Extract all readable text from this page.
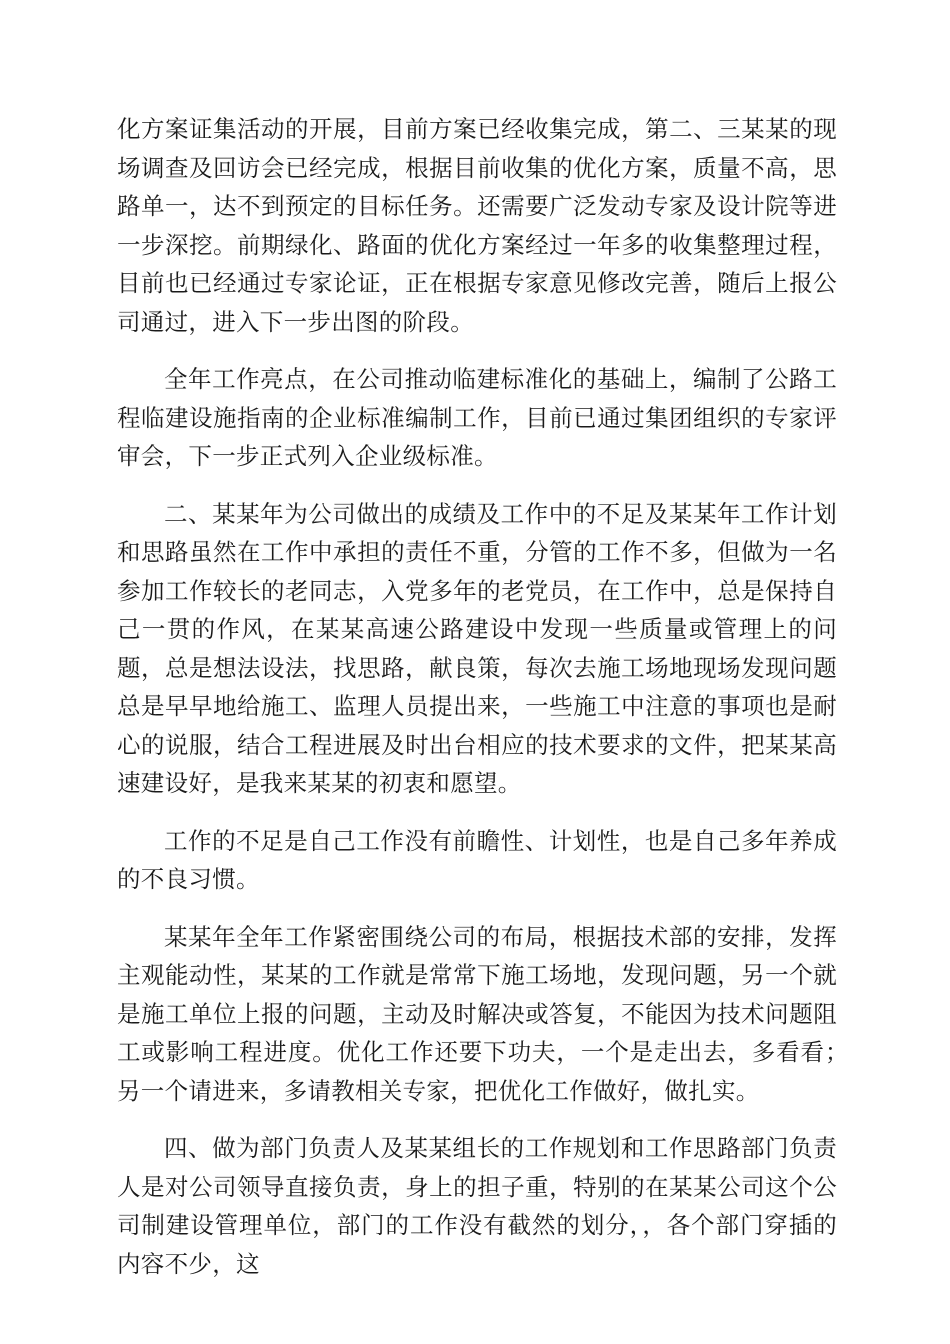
化方案证集活动的开展，目前方案已经收集完成，第二、三某某的现场调查及回访会已经完成，根据目前收集的优化方案，质量不高，思路单一，达不到预定的目标任务。还需要广泛发动专家及设计院等进一步深挖。前期绿化、路面的优化方案经过一年多的收集整理过程，目前也已经通过专家论证，正在根据专家意见修改完善，随后上报公司通过，进入下一步出图的阶段。

全年工作亮点，在公司推动临建标准化的基础上，编制了公路工程临建设施指南的企业标准编制工作，目前已通过集团组织的专家评审会，下一步正式列入企业级标准。

二、某某年为公司做出的成绩及工作中的不足及某某年工作计划和思路虽然在工作中承担的责任不重，分管的工作不多，但做为一名参加工作较长的老同志，入党多年的老党员，在工作中，总是保持自己一贯的作风，在某某高速公路建设中发现一些质量或管理上的问题，总是想法设法，找思路，献良策，每次去施工场地现场发现问题总是早早地给施工、监理人员提出来，一些施工中注意的事项也是耐心的说服，结合工程进展及时出台相应的技术要求的文件，把某某高速建设好，是我来某某的初衷和愿望。

工作的不足是自己工作没有前瞻性、计划性，也是自己多年养成的不良习惯。

某某年全年工作紧密围绕公司的布局，根据技术部的安排，发挥主观能动性，某某的工作就是常常下施工场地，发现问题，另一个就是施工单位上报的问题，主动及时解决或答复，不能因为技术问题阻工或影响工程进度。优化工作还要下功夫，一个是走出去，多看看；　另一个请进来，多请教相关专家，把优化工作做好，做扎实。

四、做为部门负责人及某某组长的工作规划和工作思路部门负责人是对公司领导直接负责，身上的担子重，特别的在某某公司这个公司制建设管理单位，部门的工作没有截然的划分，，各个部门穿插的内容不少，这
